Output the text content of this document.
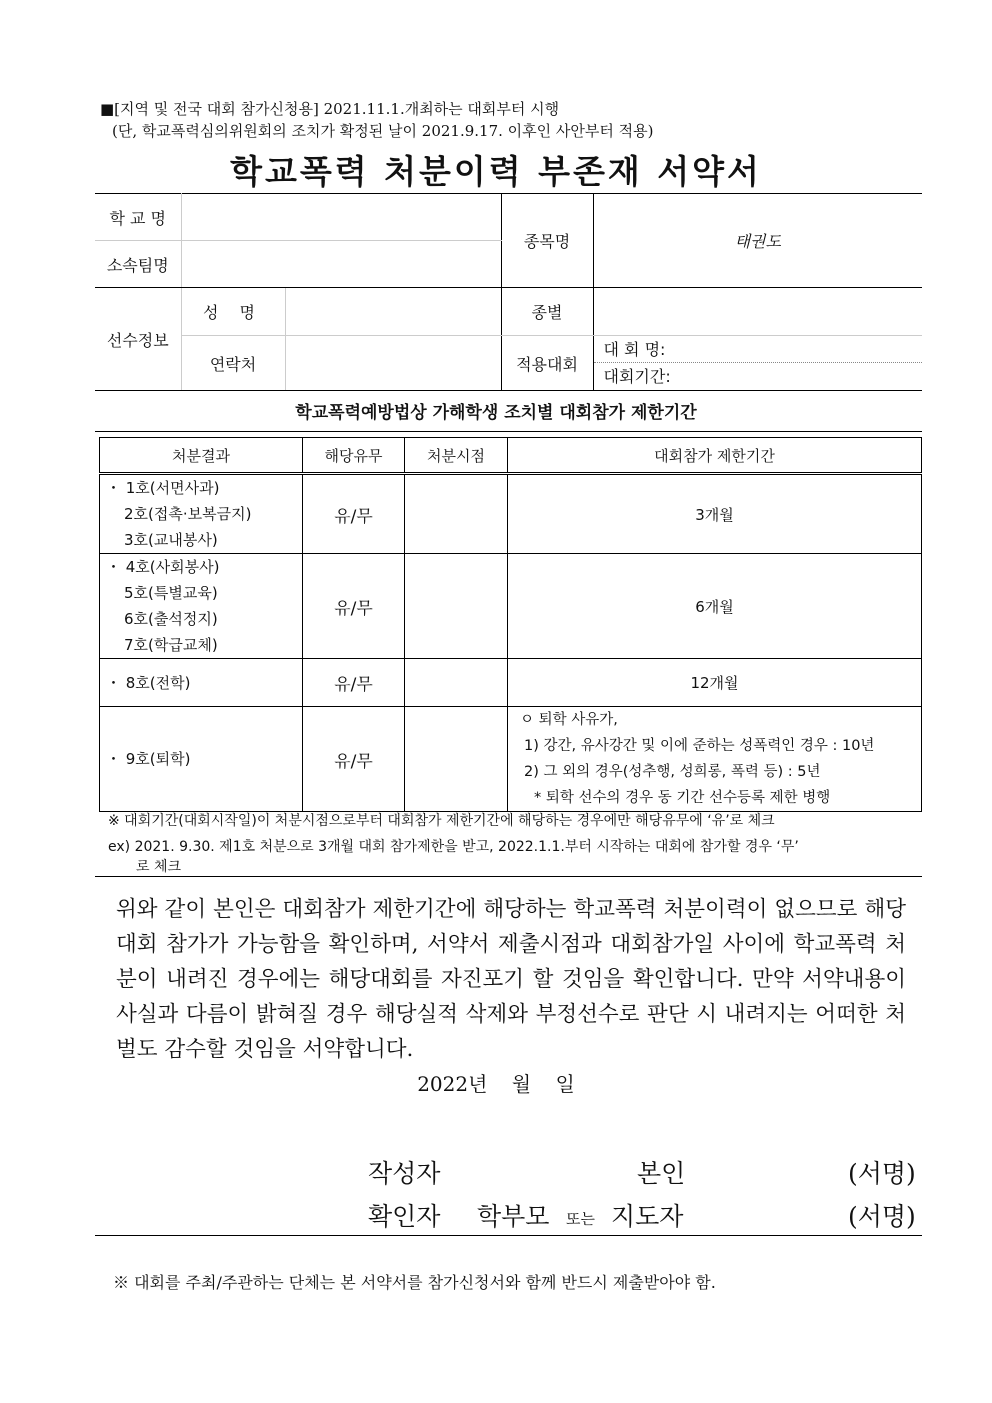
■[지역 및 전국 대회 참가신청용] 2021.11.1.개최하는 대회부터 시행
(단, 학교폭력심의위원회의 조치가 확정된 날이 2021.9.17. 이후인 사안부터 적용)
학교폭력 처분이력 부존재 서약서
학 교 명			종목명	태권도
소속팀명				
선수정보	성 명		종별	
	연락처		적용대회	대 회 명:
대회기간:
학교폭력예방법상 가해학생 조치별 대회참가 제한기간
처분결과	해당유무	처분시점	대회참가 제한기간

・ 1호(서면사과)
2호(접촉·보복금지)
3호(교내봉사)	유/무		3개월

・ 4호(사회봉사)
5호(특별교육)
6호(출석정지)
7호(학급교체)	유/무		6개월

・ 8호(전학)	유/무		12개월

・ 9호(퇴학)	유/무		ㅇ 퇴학 사유가,
1) 강간, 유사강간 및 이에 준하는 성폭력인 경우 : 10년
2) 그 외의 경우(성추행, 성희롱, 폭력 등) : 5년
* 퇴학 선수의 경우 동 기간 선수등록 제한 병행
※ 대회기간(대회시작일)이 처분시점으로부터 대회참가 제한기간에 해당하는 경우에만 해당유무에 ‘유’로 체크
ex) 2021. 9.30. 제1호 처분으로 3개월 대회 참가제한을 받고, 2022.1.1.부터 시작하는 대회에 참가할 경우 ‘무’
로 체크
위와 같이 본인은 대회참가 제한기간에 해당하는 학교폭력 처분이력이 없으므로 해당 대회 참가가 가능함을 확인하며, 서약서 제출시점과 대회참가일 사이에 학교폭력 처분이 내려진 경우에는 해당대회를 자진포기 할 것임을 확인합니다. 만약 서약내용이 사실과 다름이 밝혀질 경우 해당실적 삭제와 부정선수로 판단 시 내려지는 어떠한 처벌도 감수할 것임을 서약합니다.
2022년 월 일
작성자	본인	(서명)
확인자 학부모 또는 지도자	(서명)
※ 대회를 주최/주관하는 단체는 본 서약서를 참가신청서와 함께 반드시 제출받아야 함.
